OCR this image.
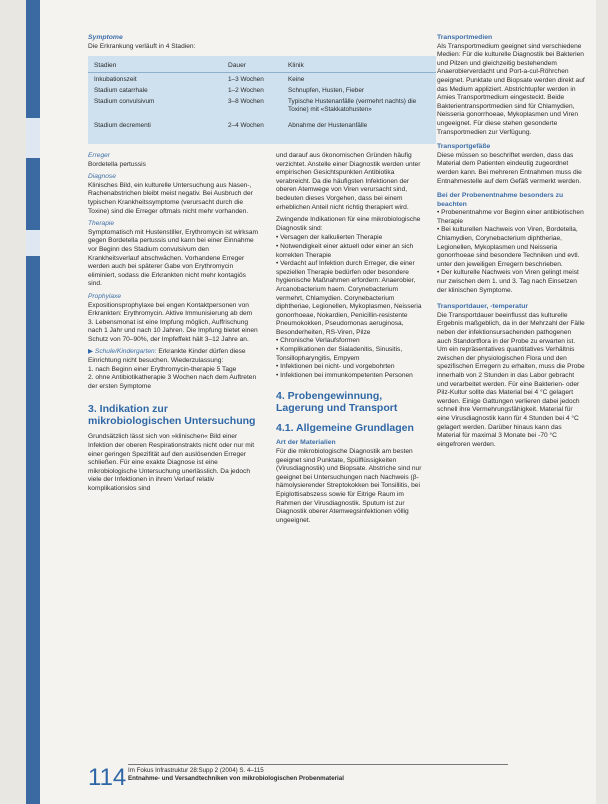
Symptome
Die Erkrankung verläuft in 4 Stadien:
Stadien	Dauer	Klinik
Inkubationszeit	1–3 Wochen	Keine
Stadium catarrhale	1–2 Wochen	Schnupfen, Husten, Fieber
Stadium convulsivum	3–8 Wochen	Typische Hustenanfälle (vermehrt nachts) die Toxine) mit «Stakkatohusten»
Stadium decrementi	2–4 Wochen	Abnahme der Hustenanfälle
Erreger

Bordetella pertussis

Diagnose

Klinisches Bild, ein kulturelle Untersuchung aus Nasen-, Rachenabstrichen bleibt meist negativ. Bei Ausbruch der typischen Krankheitssymptome (verursacht durch die Toxine) sind die Erreger oftmals nicht mehr vorhanden.

Therapie

Symptomatisch mit Hustenstiller, Erythromycin ist wirksam gegen Bordetella pertussis und kann bei einer Einnahme vor Beginn des Stadium convulsivum den Krankheitsverlauf abschwächen. Vorhandene Erreger werden auch bei späterer Gabe von Erythromycin eliminiert, sodass die Erkrankten nicht mehr kontagiös sind.

Prophylaxe

Expositionsprophylaxe bei engen Kontaktpersonen von Erkrankten: Erythromycin. Aktive Immunisierung ab dem 3. Lebensmonat ist eine Impfung möglich, Auffrischung nach 1 Jahr und nach 10 Jahren. Die Impfung bietet einen Schutz von 70–90%, der Impfeffekt hält 3–12 Jahre an.

▶ Schule/Kindergarten: Erkrankte Kinder dürfen diese Einrichtung nicht besuchen. Wiederzulassung:
1. nach Beginn einer Erythromycin-therapie 5 Tage

2. ohne Antibiotikatherapie 3 Wochen nach dem Auftreten der ersten Symptome

3. Indikation zur mikrobiologischen Untersuchung

Grundsätzlich lässt sich von »klinischen« Bild einer Infektion der oberen Respirationstrakts nicht oder nur mit einer geringen Spezifität auf den auslösenden Erreger schließen. Für eine exakte Diagnose ist eine mikrobiologische Untersuchung unerlässlich. Da jedoch viele der Infektionen in ihrem Verlauf relativ komplikationslos sind

und darauf aus ökonomischen Gründen häufig verzichtet. Anstelle einer Diagnostik werden unter empirischen Gesichtspunkten Antibiotika verabreicht. Da die häufigsten Infektionen der oberen Atemwege von Viren verursacht sind, bedeuten dieses Vorgehen, dass bei einem erheblichen Anteil nicht richtig therapiert wird.

Zwingende Indikationen für eine mikrobiologische Diagnostik sind:

• Versagen der kalkulierten Therapie
• Notwendigkeit einer aktuell oder einer an sich korrekten Therapie
• Verdacht auf Infektion durch Erreger, die einer speziellen Therapie bedürfen oder besondere hygienische Maßnahmen erfordern: Anaerobier, Arcanobacterium haem. Corynebacterium vermehrt, Chlamydien. Corynebacterium diphtheriae, Legionellen, Mykoplasmen, Neisseria gonorrhoeae, Nokardien, Penicillin-resistente Pneumokokken, Pseudomonas aeruginosa, Besonderheiten, RS-Viren, Pilze
• Chronische Verlaufsformen
• Komplikationen der Sialadenitis, Sinusitis, Tonsillopharyngitis, Empyem
• Infektionen bei nicht- und vorgebohrten
• Infektionen bei immunkompetenten Personen
4. Probengewinnung, Lagerung und Transport
4.1. Allgemeine Grundlagen
Art der Materialien

Für die mikrobiologische Diagnostik am besten geeignet sind Punktate, Spülflüssigkeiten (Virusdiagnostik) und Biopsate. Abstriche sind nur geeignet bei Untersuchungen nach Nachweis (β-hämolysierender Streptokokken bei Tonsillitis, bei Epiglottisabszess sowie für Eitrige Raum im Rahmen der Virusdiagnostik. Sputum ist zur Diagnostik oberer Atemwegsinfektionen völlig ungeeignet.

Transportmedien

Als Transportmedium geeignet sind verschiedene Medien: Für die kulturelle Diagnostik bei Bakterien und Pilzen und gleichzeitig bestehendem Anaerobierverdacht und Port-a-cul-Röhrchen geeignet. Punktate und Biopsate werden direkt auf das Medium appliziert. Abstrichtupfer werden in Amies Transportmedium eingesteckt. Beide Bakterientransportmedien sind für Chlamydien, Neisseria gonorrhoeae, Mykoplasmen und Viren ungeeignet. Für diese stehen gesonderte Transportmedien zur Verfügung.

Transportgefäße

Diese müssen so beschriftet werden, dass das Material dem Patienten eindeutig zugeordnet werden kann. Bei mehreren Entnahmen muss die Entnahmestelle auf dem Gefäß vermerkt werden.

Bei der Probenentnahme besonders zu beachten
• Probenentnahme vor Beginn einer antibiotischen Therapie
• Bei kulturellen Nachweis von Viren, Bordetella, Chlamydien, Corynebacterium diphtheriae, Legionellen, Mykoplasmen und Neisseria gonorrhoeae sind besondere Techniken und evtl. unter den jeweiligen Erregern beschrieben.
• Der kulturelle Nachweis von Viren gelingt meist nur zwischen dem 1. und 3. Tag nach Einsetzen der klinischen Symptome.
Transportdauer, -temperatur

Die Transportdauer beeinflusst das kulturelle Ergebnis maßgeblich, da in der Mehrzahl der Fälle neben der infektionsursachenden pathogenen auch Standortflora in der Probe zu erwarten ist. Um ein repräsentatives quantitatives Verhältnis zwischen der physiologischen Flora und den spezifischen Erregern zu erhalten, muss die Probe innerhalb von 2 Stunden in das Labor gebracht und verarbeitet werden. Für eine Bakterien- oder Pilz-Kultur sollte das Material bei 4 °C gelagert werden. Einige Gattungen verlieren dabei jedoch schnell ihre Vermehrungsfähigkeit. Material für eine Virusdiagnostik kann für 4 Stunden bei 4 °C gelagert werden. Darüber hinaus kann das Material für maximal 3 Monate bei -70 °C eingefroren werden.

114 Im Fokus Infrastruktur 28:Supp 2 (2004) S. 4–115
Entnahme- und Versandtechniken von mikrobiologischen Probenmaterial
